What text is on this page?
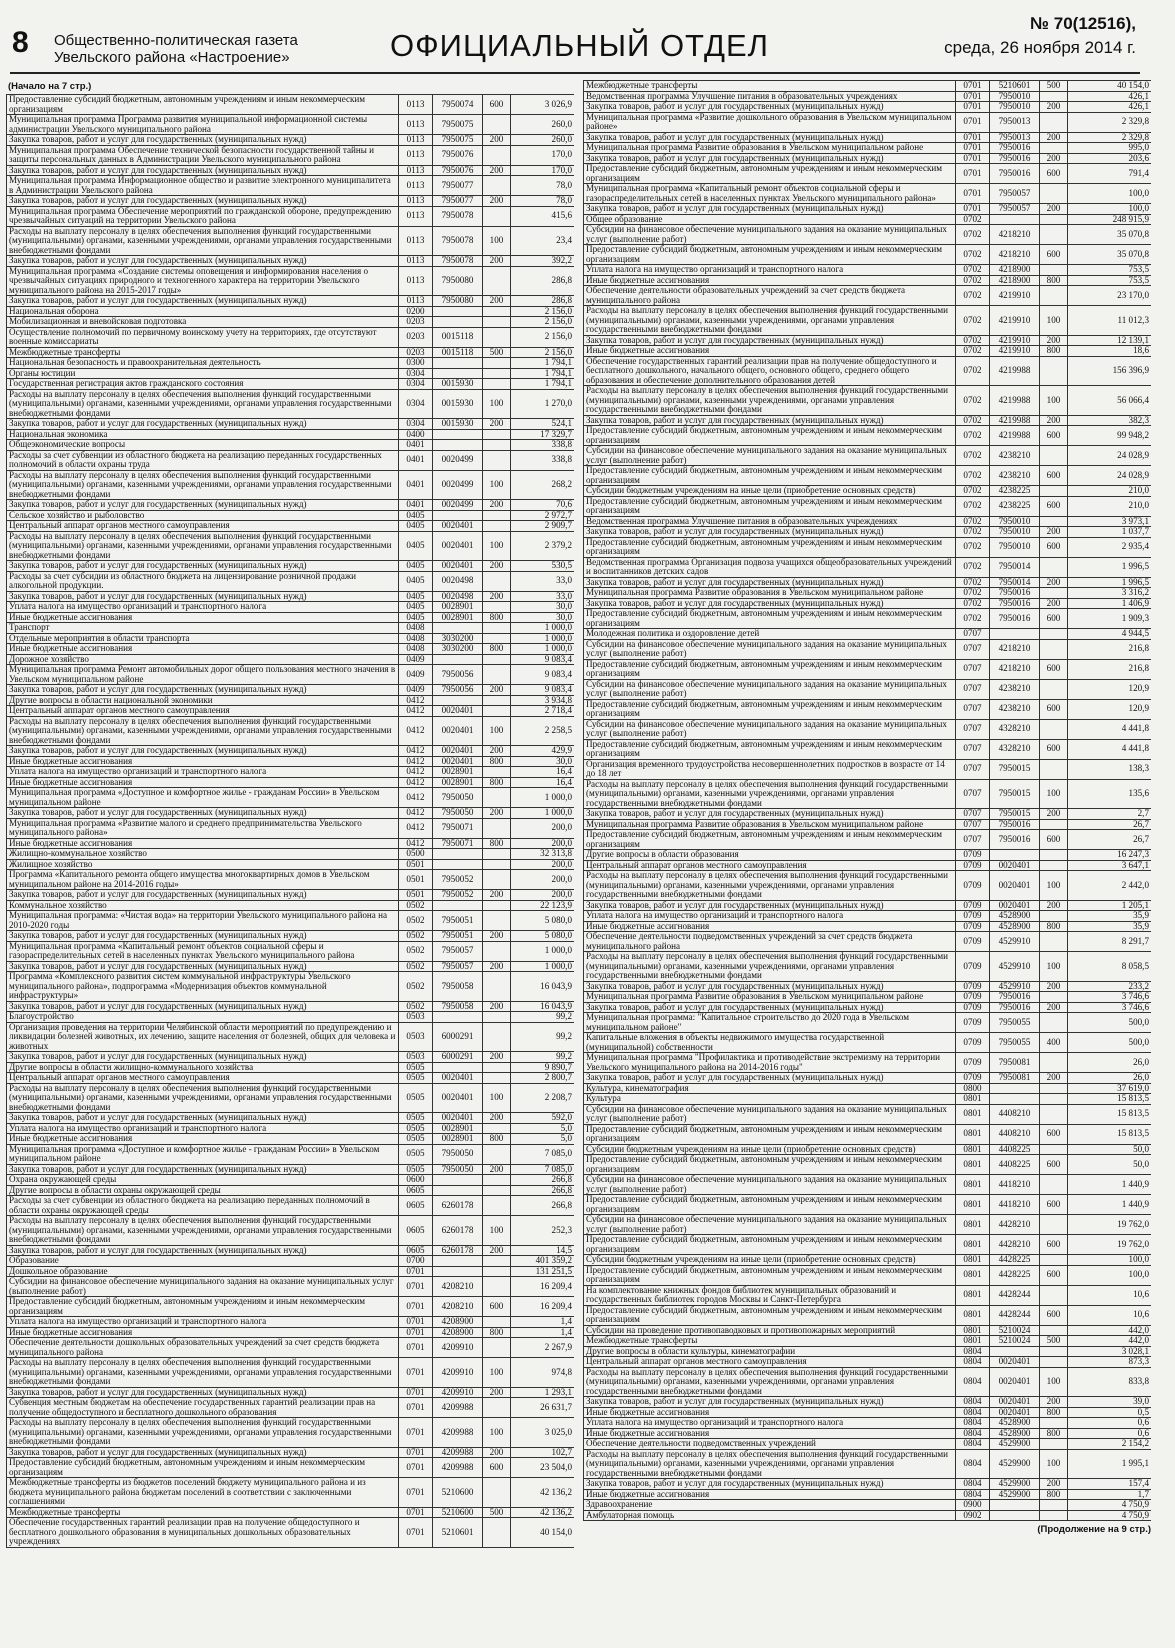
8 Общественно-политическая газета
Увельского района «Настроение»	ОФИЦИАЛЬНЫЙ ОТДЕЛ
№ 70(12516),
среда, 26 ноября 2014 г.
(Начало на 7 стр.)
Предоставление субсидий бюджетным, автономным учреждениям и иным некоммерческим организациям	0113	7950074	600	3 026,9
Муниципальная программа Программа развития муниципальной информационной системы администрации Увельского муниципального района	0113	7950075		260,0
Закупка товаров, работ и услуг для государственных (муниципальных нужд)	0113	7950075	200	260,0
Муниципальная программа Обеспечение технической безопасности государственной тайны и защиты персональных данных в Администрации Увельского муниципального района	0113	7950076		170,0
Закупка товаров, работ и услуг для государственных (муниципальных нужд)	0113	7950076	200	170,0
Муниципальная программа Информационное общество и развитие электронного муниципалитета в Администрации Увельского района	0113	7950077		78,0
Закупка товаров, работ и услуг для государственных (муниципальных нужд)	0113	7950077	200	78,0
Муниципальная программа Обеспечение мероприятий по гражданской обороне, предупреждению чрезвычайных ситуаций на территории Увельского района	0113	7950078		415,6
Расходы на выплату персоналу в целях обеспечения выполнения функций государственными (муниципальными) органами, казенными учреждениями, органами управления государственными внебюджетными фондами	0113	7950078	100	23,4
Закупка товаров, работ и услуг для государственных (муниципальных нужд)	0113	7950078	200	392,2
Муниципальная программа «Создание системы оповещения и информирования населения о чрезвычайных ситуациях природного и техногенного характера на территории Увельского муниципального района на 2015-2017 годы»	0113	7950080		286,8
Закупка товаров, работ и услуг для государственных (муниципальных нужд)	0113	7950080	200	286,8
Национальная оборона	0200			2 156,0
Мобилизационная и вневойсковая подготовка	0203			2 156,0
Осуществление полномочий по первичному воинскому учету на территориях, где отсутствуют военные комиссариаты	0203	0015118		2 156,0
Межбюджетные трансферты	0203	0015118	500	2 156,0
Национальная безопасность и правоохранительная деятельность	0300			1 794,1
Органы юстиции	0304			1 794,1
Государственная регистрация актов гражданского состояния	0304	0015930		1 794,1
Расходы на выплату персоналу в целях обеспечения выполнения функций государственными (муниципальными) органами, казенными учреждениями, органами управления государственными внебюджетными фондами	0304	0015930	100	1 270,0
Закупка товаров, работ и услуг для государственных (муниципальных нужд)	0304	0015930	200	524,1
Национальная экономика	0400			17 329,7
Общеэкономические вопросы	0401			338,8
Расходы за счет субвенции из областного бюджета на реализацию переданных государственных полномочий в области охраны труда	0401	0020499		338,8
Расходы на выплату персоналу в целях обеспечения выполнения функций государственными (муниципальными) органами, казенными учреждениями, органами управления государственными внебюджетными фондами	0401	0020499	100	268,2
Закупка товаров, работ и услуг для государственных (муниципальных нужд)	0401	0020499	200	70,6
Сельское хозяйство и рыболовство	0405			2 972,7
Центральный аппарат органов местного самоуправления	0405	0020401		2 909,7
Расходы на выплату персоналу в целях обеспечения выполнения функций государственными (муниципальными) органами, казенными учреждениями, органами управления государственными внебюджетными фондами	0405	0020401	100	2 379,2
Закупка товаров, работ и услуг для государственных (муниципальных нужд)	0405	0020401	200	530,5
Расходы за счет субсидии из областного бюджета на лицензирование розничной продажи алкогольной продукции.	0405	0020498		33,0
Закупка товаров, работ и услуг для государственных (муниципальных нужд)	0405	0020498	200	33,0
Уплата налога на имущество организаций и транспортного налога	0405	0028901		30,0
Иные бюджетные ассигнования	0405	0028901	800	30,0
Транспорт	0408			1 000,0
Отдельные мероприятия в области транспорта	0408	3030200		1 000,0
Иные бюджетные ассигнования	0408	3030200	800	1 000,0
Дорожное хозяйство	0409			9 083,4
Муниципальная программа Ремонт автомобильных дорог общего пользования местного значения в Увельском муниципальном районе	0409	7950056		9 083,4
Закупка товаров, работ и услуг для государственных (муниципальных нужд)	0409	7950056	200	9 083,4
Другие вопросы в области национальной экономики	0412			3 934,8
Центральный аппарат органов местного самоуправления	0412	0020401		2 718,4
Расходы на выплату персоналу в целях обеспечения выполнения функций государственными (муниципальными) органами, казенными учреждениями, органами управления государственными внебюджетными фондами	0412	0020401	100	2 258,5
Закупка товаров, работ и услуг для государственных (муниципальных нужд)	0412	0020401	200	429,9
Иные бюджетные ассигнования	0412	0020401	800	30,0
Уплата налога на имущество организаций и транспортного налога	0412	0028901		16,4
Иные бюджетные ассигнования	0412	0028901	800	16,4
Муниципальная программа «Доступное и комфортное жилье - гражданам России» в Увельском муниципальном районе	0412	7950050		1 000,0
Закупка товаров, работ и услуг для государственных (муниципальных нужд)	0412	7950050	200	1 000,0
Муниципальная программа «Развитие малого и среднего предпринимательства Увельского муниципального района»	0412	7950071		200,0
Иные бюджетные ассигнования	0412	7950071	800	200,0
Жилищно-коммунальное хозяйство	0500			32 313,8
Жилищное хозяйство	0501			200,0
Программа «Капитального ремонта общего имущества многоквартирных домов в Увельском муниципальном районе на 2014-2016 годы»	0501	7950052		200,0
Закупка товаров, работ и услуг для государственных (муниципальных нужд)	0501	7950052	200	200,0
Коммунальное хозяйство	0502			22 123,9
Муниципальная программа: «Чистая вода» на территории Увельского муниципального района на 2010-2020 годы	0502	7950051		5 080,0
Закупка товаров, работ и услуг для государственных (муниципальных нужд)	0502	7950051	200	5 080,0
Муниципальная программа «Капитальный ремонт объектов социальной сферы и газораспределительных сетей в населенных пунктах Увельского муниципального района	0502	7950057		1 000,0
Закупка товаров, работ и услуг для государственных (муниципальных нужд)	0502	7950057	200	1 000,0
Программа «Комплексного развития систем коммунальной инфраструктуры Увельского муниципального района», подпрограмма «Модернизация объектов коммунальной инфраструктуры»	0502	7950058		16 043,9
Закупка товаров, работ и услуг для государственных (муниципальных нужд)	0502	7950058	200	16 043,9
Благоустройство	0503			99,2
Организация проведения на территории Челябинской области мероприятий по предупреждению и ликвидации болезней животных, их лечению, защите населения от болезней, общих для человека и животных	0503	6000291		99,2
Закупка товаров, работ и услуг для государственных (муниципальных нужд)	0503	6000291	200	99,2
Другие вопросы в области жилищно-коммунального хозяйства	0505			9 890,7
Центральный аппарат органов местного самоуправления	0505	0020401		2 800,7
Расходы на выплату персоналу в целях обеспечения выполнения функций государственными (муниципальными) органами, казенными учреждениями, органами управления государственными внебюджетными фондами	0505	0020401	100	2 208,7
Закупка товаров, работ и услуг для государственных (муниципальных нужд)	0505	0020401	200	592,0
Уплата налога на имущество организаций и транспортного налога	0505	0028901		5,0
Иные бюджетные ассигнования	0505	0028901	800	5,0
Муниципальная программа «Доступное и комфортное жилье - гражданам России» в Увельском муниципальном районе	0505	7950050		7 085,0
Закупка товаров, работ и услуг для государственных (муниципальных нужд)	0505	7950050	200	7 085,0
Охрана окружающей среды	0600			266,8
Другие вопросы в области охраны окружающей среды	0605			266,8
Расходы за счет субвенции из областного бюджета на реализацию переданных полномочий в области охраны окружающей среды	0605	6260178		266,8
Расходы на выплату персоналу в целях обеспечения выполнения функций государственными (муниципальными) органами, казенными учреждениями, органами управления государственными внебюджетными фондами	0605	6260178	100	252,3
Закупка товаров, работ и услуг для государственных (муниципальных нужд)	0605	6260178	200	14,5
Образование	0700			401 359,2
Дошкольное образование	0701			131 251,5
Субсидии на финансовое обеспечение муниципального задания на оказание муниципальных услуг (выполнение работ)	0701	4208210		16 209,4
Предоставление субсидий бюджетным, автономным учреждениям и иным некоммерческим организациям	0701	4208210	600	16 209,4
Уплата налога на имущество организаций и транспортного налога	0701	4208900		1,4
Иные бюджетные ассигнования	0701	4208900	800	1,4
Обеспечение деятельности дошкольных образовательных учреждений за счет средств бюджета муниципального района	0701	4209910		2 267,9
Расходы на выплату персоналу в целях обеспечения выполнения функций государственными (муниципальными) органами, казенными учреждениями, органами управления государственными внебюджетными фондами	0701	4209910	100	974,8
Закупка товаров, работ и услуг для государственных (муниципальных нужд)	0701	4209910	200	1 293,1
Субвенция местным бюджетам на обеспечение государственных гарантий реализации прав на получение общедоступного и бесплатного дошкольного образования	0701	4209988		26 631,7
Расходы на выплату персоналу в целях обеспечения выполнения функций государственными (муниципальными) органами, казенными учреждениями, органами управления государственными внебюджетными фондами	0701	4209988	100	3 025,0
Закупка товаров, работ и услуг для государственных (муниципальных нужд)	0701	4209988	200	102,7
Предоставление субсидий бюджетным, автономным учреждениям и иным некоммерческим организациям	0701	4209988	600	23 504,0
Межбюджетные трансферты из бюджетов поселений бюджету муниципального района и из бюджета муниципального района бюджетам поселений в соответствии с заключенными соглашениями	0701	5210600		42 136,2
Межбюджетные трансферты	0701	5210600	500	42 136,2
Обеспечение государственных гарантий реализации прав на получение общедоступного и бесплатного дошкольного образования в муниципальных дошкольных образовательных учреждениях	0701	5210601		40 154,0
Межбюджетные трансферты	0701	5210601	500	40 154,0
Ведомственная программа Улучшение питания в образовательных учреждениях	0701	7950010		426,1
Закупка товаров, работ и услуг для государственных (муниципальных нужд)	0701	7950010	200	426,1
Муниципальная программа «Развитие дошкольного образования в Увельском муниципальном районе»	0701	7950013		2 329,8
Закупка товаров, работ и услуг для государственных (муниципальных нужд)	0701	7950013	200	2 329,8
Муниципальная программа Развитие образования в Увельском муниципальном районе	0701	7950016		995,0
Закупка товаров, работ и услуг для государственных (муниципальных нужд)	0701	7950016	200	203,6
Предоставление субсидий бюджетным, автономным учреждениям и иным некоммерческим организациям	0701	7950016	600	791,4
Муниципальная программа «Капитальный ремонт объектов социальной сферы и газораспределительных сетей в населенных пунктах Увельского муниципального района»	0701	7950057		100,0
Закупка товаров, работ и услуг для государственных (муниципальных нужд)	0701	7950057	200	100,0
Общее образование	0702			248 915,9
Субсидии на финансовое обеспечение муниципального задания на оказание муниципальных услуг (выполнение работ)	0702	4218210		35 070,8
Предоставление субсидий бюджетным, автономным учреждениям и иным некоммерческим организациям	0702	4218210	600	35 070,8
Уплата налога на имущество организаций и транспортного налога	0702	4218900		753,5
Иные бюджетные ассигнования	0702	4218900	800	753,5
Обеспечение деятельности образовательных учреждений за счет средств бюджета муниципального района	0702	4219910		23 170,0
Расходы на выплату персоналу в целях обеспечения выполнения функций государственными (муниципальными) органами, казенными учреждениями, органами управления государственными внебюджетными фондами	0702	4219910	100	11 012,3
Закупка товаров, работ и услуг для государственных (муниципальных нужд)	0702	4219910	200	12 139,1
Иные бюджетные ассигнования	0702	4219910	800	18,6
Обеспечение государственных гарантий реализации прав на получение общедоступного и бесплатного дошкольного, начального общего, основного общего, среднего общего образования и обеспечение дополнительного образования детей	0702	4219988		156 396,9
Расходы на выплату персоналу в целях обеспечения выполнения функций государственными (муниципальными) органами, казенными учреждениями, органами управления государственными внебюджетными фондами	0702	4219988	100	56 066,4
Закупка товаров, работ и услуг для государственных (муниципальных нужд)	0702	4219988	200	382,3
Предоставление субсидий бюджетным, автономным учреждениям и иным некоммерческим организациям	0702	4219988	600	99 948,2
Субсидии на финансовое обеспечение муниципального задания на оказание муниципальных услуг (выполнение работ)	0702	4238210		24 028,9
Предоставление субсидий бюджетным, автономным учреждениям и иным некоммерческим организациям	0702	4238210	600	24 028,9
Субсидии бюджетным учреждениям на иные цели (приобретение основных средств)	0702	4238225		210,0
Предоставление субсидий бюджетным, автономным учреждениям и иным некоммерческим организациям	0702	4238225	600	210,0
Ведомственная программа Улучшение питания в образовательных учреждениях	0702	7950010		3 973,1
Закупка товаров, работ и услуг для государственных (муниципальных нужд)	0702	7950010	200	1 037,7
Предоставление субсидий бюджетным, автономным учреждениям и иным некоммерческим организациям	0702	7950010	600	2 935,4
Ведомственная программа Организация подвоза учащихся общеобразовательных учреждений и воспитанников детских садов	0702	7950014		1 996,5
Закупка товаров, работ и услуг для государственных (муниципальных нужд)	0702	7950014	200	1 996,5
Муниципальная программа Развитие образования в Увельском муниципальном районе	0702	7950016		3 316,2
Закупка товаров, работ и услуг для государственных (муниципальных нужд)	0702	7950016	200	1 406,9
Предоставление субсидий бюджетным, автономным учреждениям и иным некоммерческим организациям	0702	7950016	600	1 909,3
Молодежная политика и оздоровление детей	0707			4 944,5
Субсидии на финансовое обеспечение муниципального задания на оказание муниципальных услуг (выполнение работ)	0707	4218210		216,8
Предоставление субсидий бюджетным, автономным учреждениям и иным некоммерческим организациям	0707	4218210	600	216,8
Субсидии на финансовое обеспечение муниципального задания на оказание муниципальных услуг (выполнение работ)	0707	4238210		120,9
Предоставление субсидий бюджетным, автономным учреждениям и иным некоммерческим организациям	0707	4238210	600	120,9
Субсидии на финансовое обеспечение муниципального задания на оказание муниципальных услуг (выполнение работ)	0707	4328210		4 441,8
Предоставление субсидий бюджетным, автономным учреждениям и иным некоммерческим организациям	0707	4328210	600	4 441,8
Организация временного трудоустройства несовершеннолетних подростков в возрасте от 14 до 18 лет	0707	7950015		138,3
Расходы на выплату персоналу в целях обеспечения выполнения функций государственными (муниципальными) органами, казенными учреждениями, органами управления государственными внебюджетными фондами	0707	7950015	100	135,6
Закупка товаров, работ и услуг для государственных (муниципальных нужд)	0707	7950015	200	2,7
Муниципальная программа Развитие образования в Увельском муниципальном районе	0707	7950016		26,7
Предоставление субсидий бюджетным, автономным учреждениям и иным некоммерческим организациям	0707	7950016	600	26,7
Другие вопросы в области образования	0709			16 247,3
Центральный аппарат органов местного самоуправления	0709	0020401		3 647,1
Расходы на выплату персоналу в целях обеспечения выполнения функций государственными (муниципальными) органами, казенными учреждениями, органами управления государственными внебюджетными фондами	0709	0020401	100	2 442,0
Закупка товаров, работ и услуг для государственных (муниципальных нужд)	0709	0020401	200	1 205,1
Уплата налога на имущество организаций и транспортного налога	0709	4528900		35,9
Иные бюджетные ассигнования	0709	4528900	800	35,9
Обеспечение деятельности подведомственных учреждений за счет средств бюджета муниципального района	0709	4529910		8 291,7
Расходы на выплату персоналу в целях обеспечения выполнения функций государственными (муниципальными) органами, казенными учреждениями, органами управления государственными внебюджетными фондами	0709	4529910	100	8 058,5
Закупка товаров, работ и услуг для государственных (муниципальных нужд)	0709	4529910	200	233,2
Муниципальная программа Развитие образования в Увельском муниципальном районе	0709	7950016		3 746,6
Закупка товаров, работ и услуг для государственных (муниципальных нужд)	0709	7950016	200	3 746,6
Муниципальная программа: "Капитальное строительство до 2020 года в Увельском муниципальном районе"	0709	7950055		500,0
Капитальные вложения в объекты недвижимого имущества государственной (муниципальной) собственности	0709	7950055	400	500,0
Муниципальная программа "Профилактика и противодействие экстремизму на территории Увельского муниципального района на 2014-2016 годы"	0709	7950081		26,0
Закупка товаров, работ и услуг для государственных (муниципальных нужд)	0709	7950081	200	26,0
Культура, кинематография	0800			37 619,0
Культура	0801			15 813,5
Субсидии на финансовое обеспечение муниципального задания на оказание муниципальных услуг (выполнение работ)	0801	4408210		15 813,5
Предоставление субсидий бюджетным, автономным учреждениям и иным некоммерческим организациям	0801	4408210	600	15 813,5
Субсидии бюджетным учреждениям на иные цели (приобретение основных средств)	0801	4408225		50,0
Предоставление субсидий бюджетным, автономным учреждениям и иным некоммерческим организациям	0801	4408225	600	50,0
Субсидии на финансовое обеспечение муниципального задания на оказание муниципальных услуг (выполнение работ)	0801	4418210		1 440,9
Предоставление субсидий бюджетным, автономным учреждениям и иным некоммерческим организациям	0801	4418210	600	1 440,9
Субсидии на финансовое обеспечение муниципального задания на оказание муниципальных услуг (выполнение работ)	0801	4428210		19 762,0
Предоставление субсидий бюджетным, автономным учреждениям и иным некоммерческим организациям	0801	4428210	600	19 762,0
Субсидии бюджетным учреждениям на иные цели (приобретение основных средств)	0801	4428225		100,0
Предоставление субсидий бюджетным, автономным учреждениям и иным некоммерческим организациям	0801	4428225	600	100,0
На комплектование книжных фондов библиотек муниципальных образований и государственных библиотек городов Москвы и Санкт-Петербурга	0801	4428244		10,6
Предоставление субсидий бюджетным, автономным учреждениям и иным некоммерческим организациям	0801	4428244	600	10,6
Субсидии на проведение противопаводковых и противопожарных мероприятий	0801	5210024		442,0
Межбюджетные трансферты	0801	5210024	500	442,0
Другие вопросы в области культуры, кинематографии	0804			3 028,1
Центральный аппарат органов местного самоуправления	0804	0020401		873,3
Расходы на выплату персоналу в целях обеспечения выполнения функций государственными (муниципальными) органами, казенными учреждениями, органами управления государственными внебюджетными фондами	0804	0020401	100	833,8
Закупка товаров, работ и услуг для государственных (муниципальных нужд)	0804	0020401	200	39,0
Иные бюджетные ассигнования	0804	0020401	800	0,5
Уплата налога на имущество организаций и транспортного налога	0804	4528900		0,6
Иные бюджетные ассигнования	0804	4528900	800	0,6
Обеспечение деятельности подведомственных учреждений	0804	4529900		2 154,2
Расходы на выплату персоналу в целях обеспечения выполнения функций государственными (муниципальными) органами, казенными учреждениями, органами управления государственными внебюджетными фондами	0804	4529900	100	1 995,1
Закупка товаров, работ и услуг для государственных (муниципальных нужд)	0804	4529900	200	157,4
Иные бюджетные ассигнования	0804	4529900	800	1,7
Здравоохранение	0900			4 750,9
Амбулаторная помощь	0902			4 750,9
(Продолжение на 9 стр.)
